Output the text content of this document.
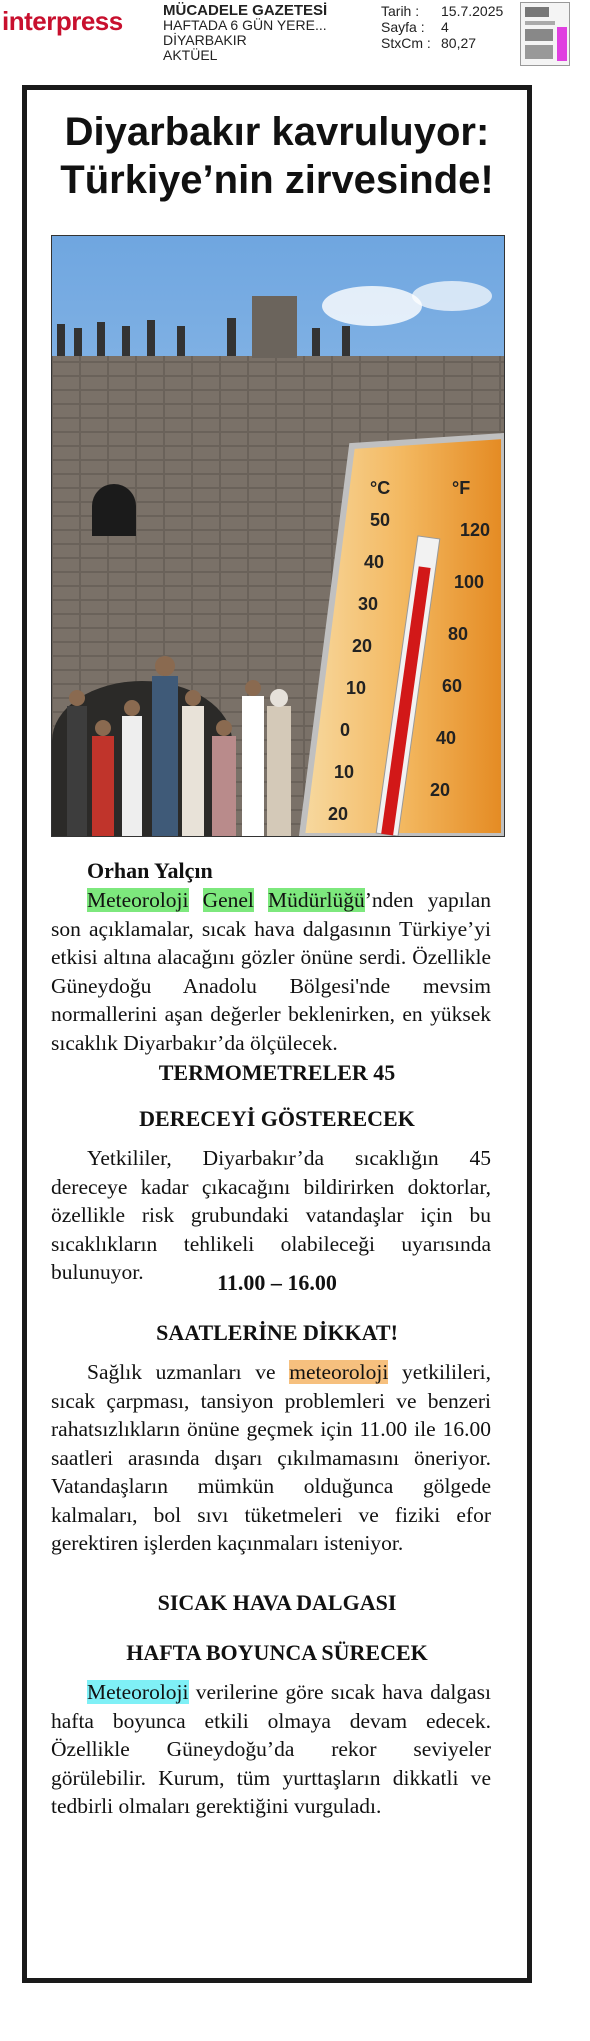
interpress	MÜCADELE GAZETESİ
HAFTADA 6 GÜN YERE...
DİYARBAKIR
AKTÜEL
Tarih :	15.7.2025
Sayfa :	4
StxCm : 80,27
Diyarbakır kavruluyor:
Türkiye’nin zirvesinde!
°C	°F
50
40
30
20
10
0
10
20
120
100
80
60
40
20
Orhan Yalçın

Meteoroloji Genel Müdürlüğü’nden yapılan son açıklamalar, sıcak hava dalgasının Türkiye’yi etkisi altına alacağını gözler önüne serdi. Özellikle Güneydoğu Anadolu Bölgesi'nde mevsim normallerini aşan değerler beklenirken, en yüksek sıcaklık Diyarbakır’da ölçülecek.

TERMOMETRELER 45
DERECEYİ GÖSTERECEK

Yetkililer, Diyarbakır’da sıcaklığın 45 dereceye kadar çıkacağını bildirirken doktorlar, özellikle risk grubundaki vatandaşlar için bu sıcaklıkların tehlikeli olabileceği uyarısında bulunuyor.	11.00 – 16.00
SAATLERİNE DİKKAT!

Sağlık uzmanları ve meteoroloji yetkilileri, sıcak çarpması, tansiyon problemleri ve benzeri rahatsızlıkların önüne geçmek için 11.00 ile 16.00 saatleri arasında dışarı çıkılmamasını öneriyor. Vatandaşların mümkün olduğunca gölgede kalmaları, bol sıvı tüketmeleri ve fiziki efor gerektiren işlerden kaçınmaları isteniyor.

SICAK HAVA DALGASI
HAFTA BOYUNCA SÜRECEK

Meteoroloji verilerine göre sıcak hava dalgası hafta boyunca etkili olmaya devam edecek. Özellikle Güneydoğu’da rekor seviyeler görülebilir. Kurum, tüm yurttaşların dikkatli ve tedbirli olmaları gerektiğini vurguladı.
